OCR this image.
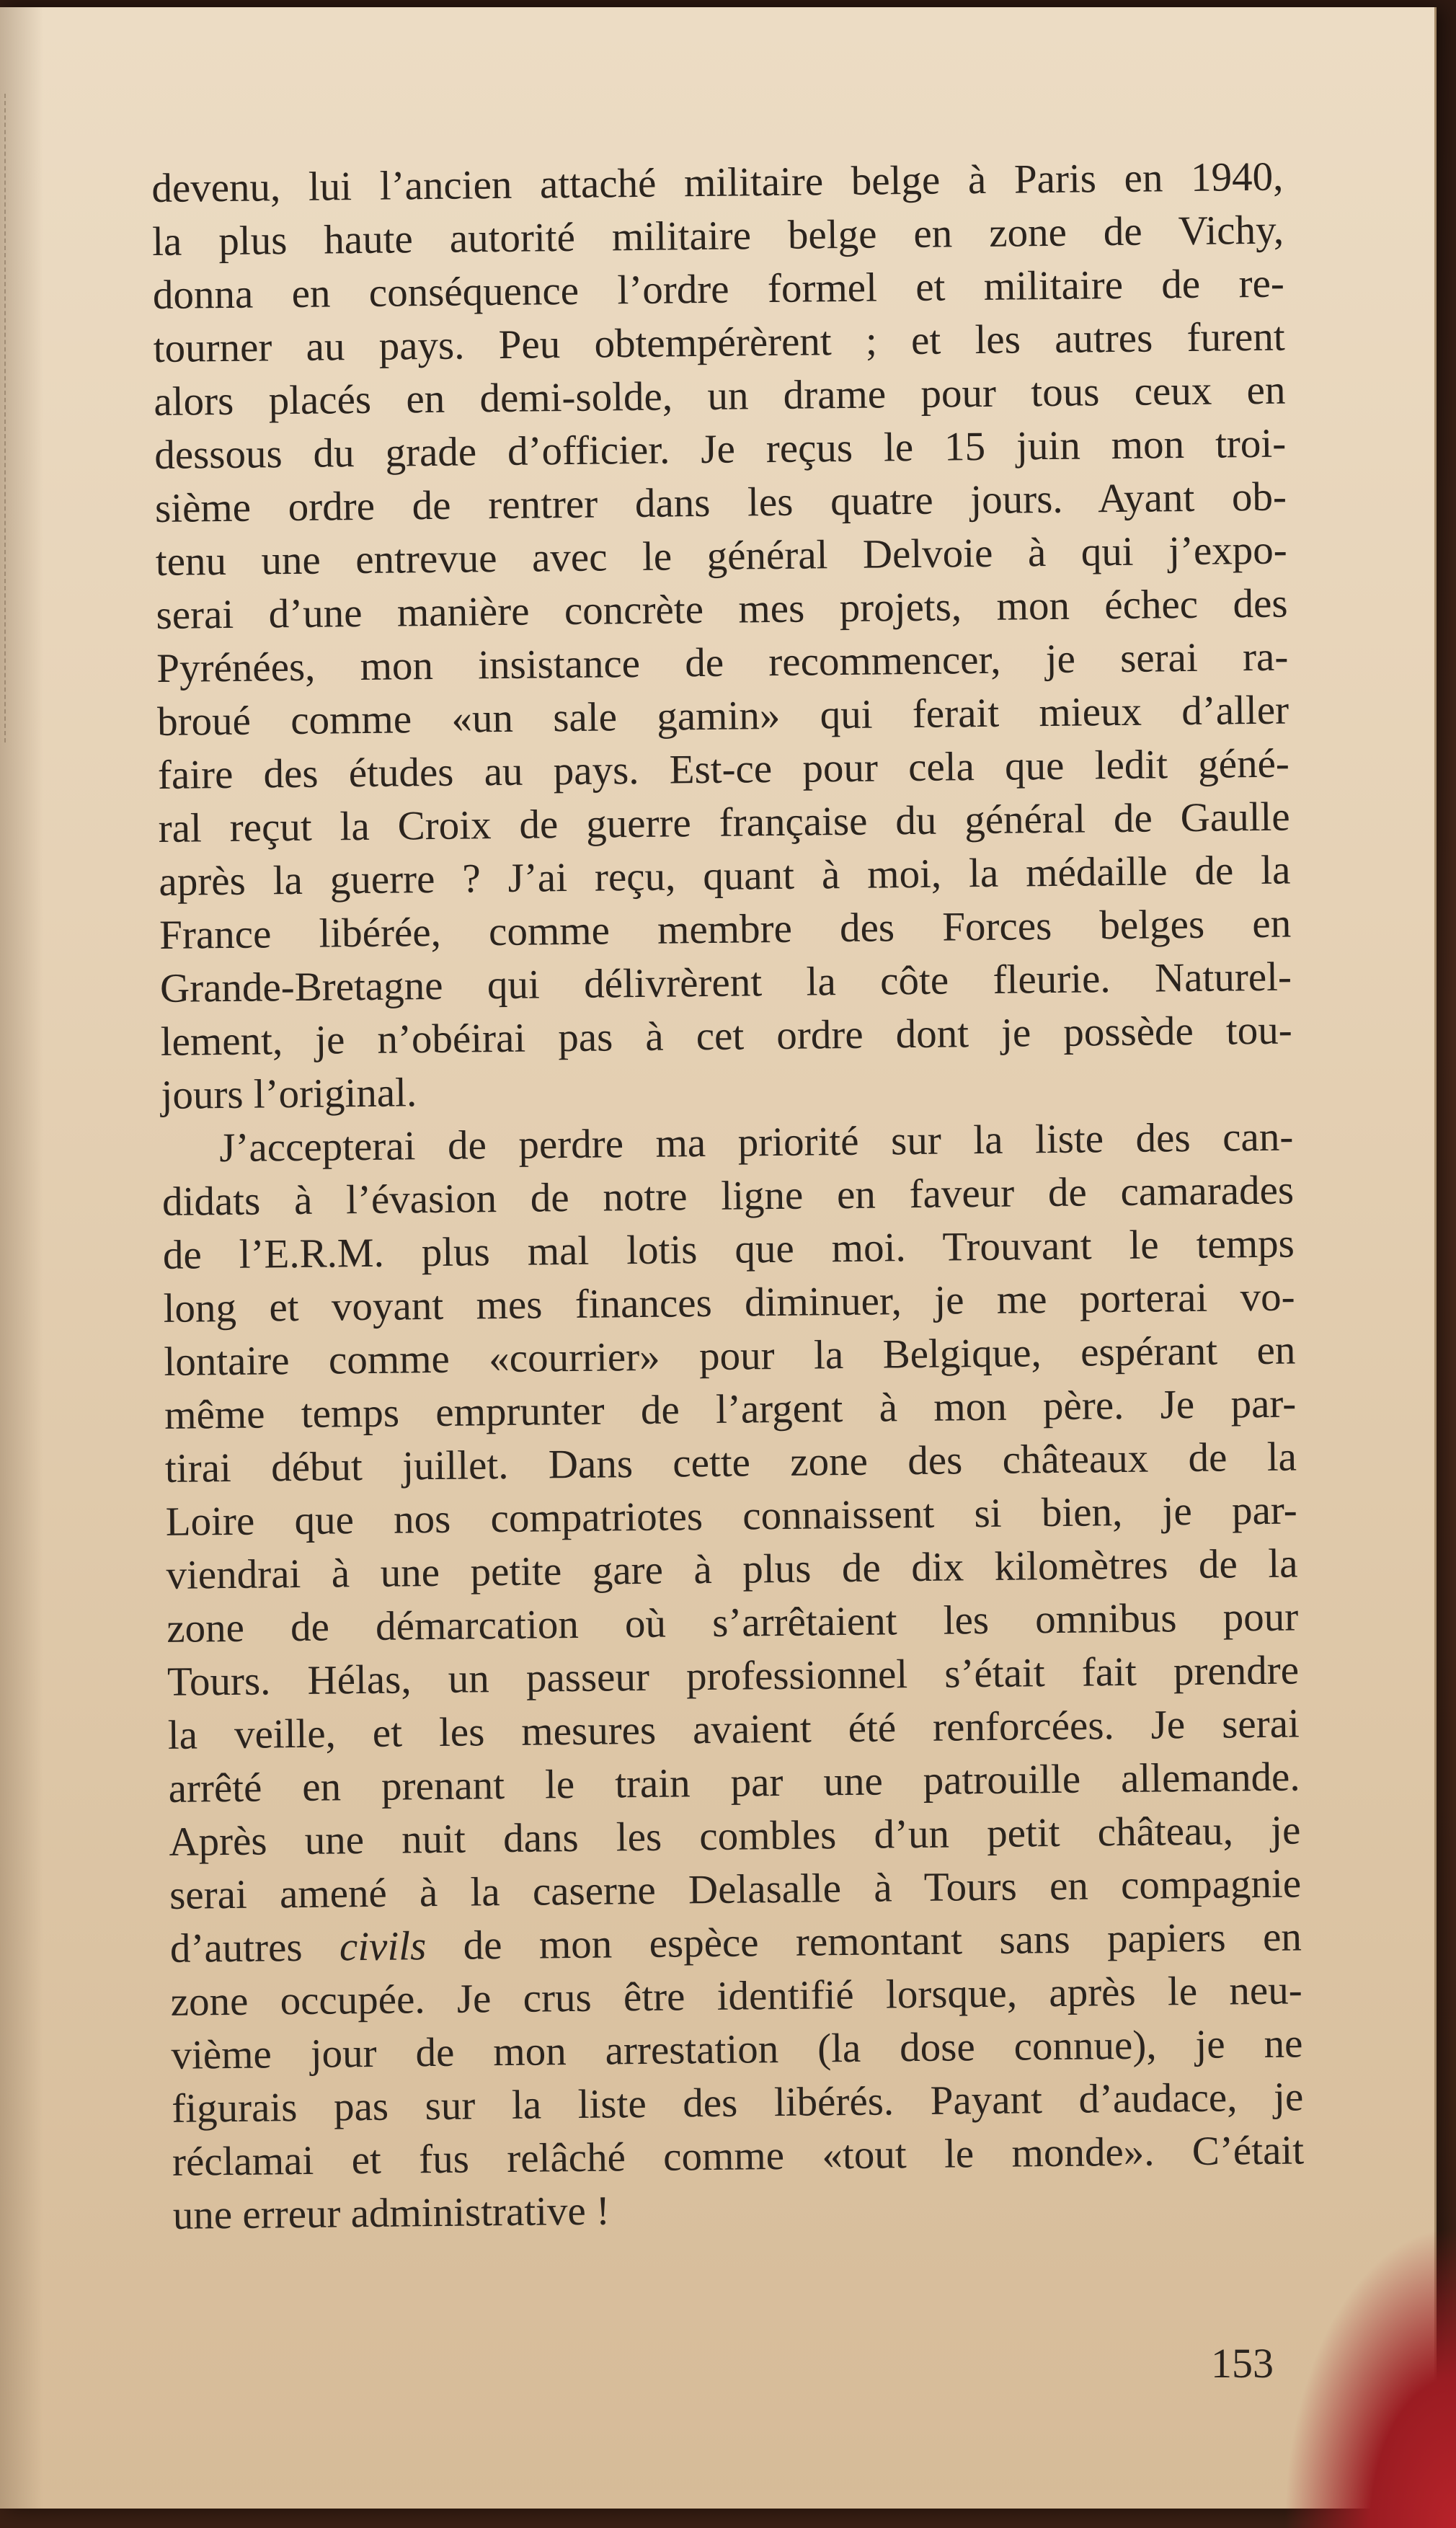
devenu, lui l’ancien attaché militaire belge à Paris en 1940,
la plus haute autorité militaire belge en zone de Vichy,
donna en conséquence l’ordre formel et militaire de re-
tourner au pays. Peu obtempérèrent ; et les autres furent
alors placés en demi-solde, un drame pour tous ceux en
dessous du grade d’officier. Je reçus le 15 juin mon troi-
sième ordre de rentrer dans les quatre jours. Ayant ob-
tenu une entrevue avec le général Delvoie à qui j’expo-
serai d’une manière concrète mes projets, mon échec des
Pyrénées, mon insistance de recommencer, je serai ra-
broué comme «un sale gamin» qui ferait mieux d’aller
faire des études au pays. Est-ce pour cela que ledit géné-
ral reçut la Croix de guerre française du général de Gaulle
après la guerre ? J’ai reçu, quant à moi, la médaille de la
France libérée, comme membre des Forces belges en
Grande-Bretagne qui délivrèrent la côte fleurie. Naturel-
lement, je n’obéirai pas à cet ordre dont je possède tou-
jours l’original.
J’accepterai de perdre ma priorité sur la liste des can-
didats à l’évasion de notre ligne en faveur de camarades
de l’E.R.M. plus mal lotis que moi. Trouvant le temps
long et voyant mes finances diminuer, je me porterai vo-
lontaire comme «courrier» pour la Belgique, espérant en
même temps emprunter de l’argent à mon père. Je par-
tirai début juillet. Dans cette zone des châteaux de la
Loire que nos compatriotes connaissent si bien, je par-
viendrai à une petite gare à plus de dix kilomètres de la
zone de démarcation où s’arrêtaient les omnibus pour
Tours. Hélas, un passeur professionnel s’était fait prendre
la veille, et les mesures avaient été renforcées. Je serai
arrêté en prenant le train par une patrouille allemande.
Après une nuit dans les combles d’un petit château, je
serai amené à la caserne Delasalle à Tours en compagnie
d’autres civils de mon espèce remontant sans papiers en
zone occupée. Je crus être identifié lorsque, après le neu-
vième jour de mon arrestation (la dose connue), je ne
figurais pas sur la liste des libérés. Payant d’audace, je
réclamai et fus relâché comme «tout le monde». C’était
une erreur administrative !
153
